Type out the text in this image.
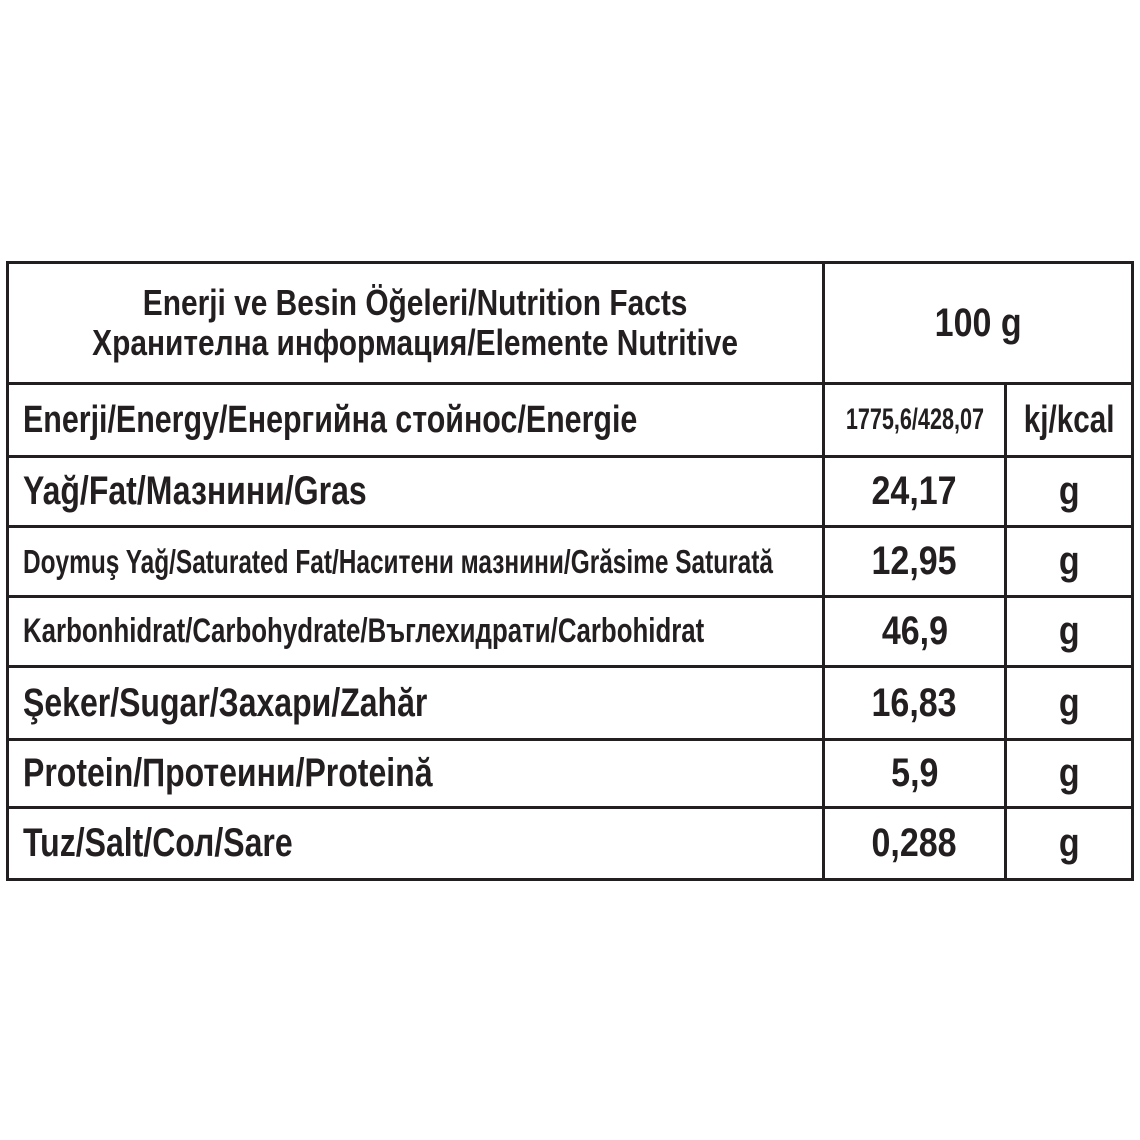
Enerji ve Besin Öğeleri/Nutrition Facts
Хранителна информация/Elemente Nutritive	100 g
Enerji/Energy/Енергийна стойнос/Energie	1775,6/428,07 kj/kcal
Yağ/Fat/Мазнини/Gras	24,17	g
Doymuş Yağ/Saturated Fat/Наситени мазнини/Grăsime Saturată 12,95	g
Karbonhidrat/Carbohydrate/Въглехидрати/Carbohidrat	46,9	g
Şeker/Sugar/Захари/Zahăr	16,83	g
Protein/Протеини/Proteină	5,9	g
Tuz/Salt/Сол/Sare	0,288	g
